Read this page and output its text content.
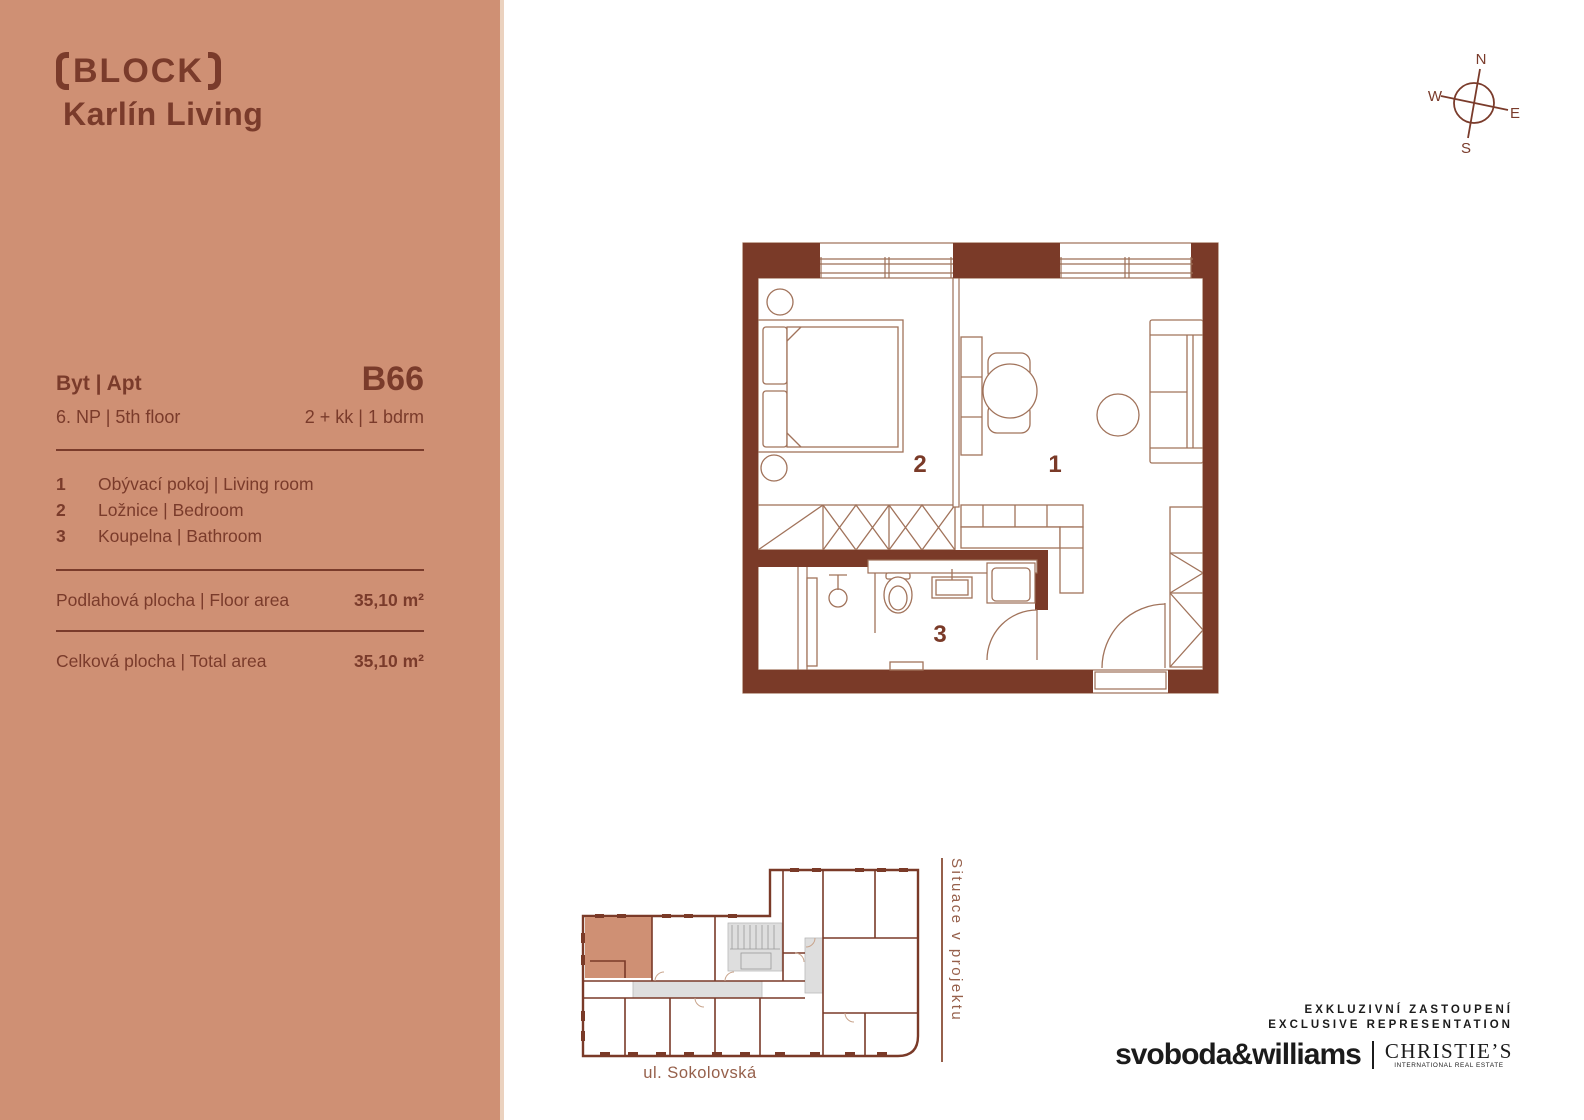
BLOCK
Karlín Living
Byt | Apt	B66
6. NP | 5th floor	2 + kk | 1 bdrm
1	Obývací pokoj | Living room
2	Ložnice | Bedroom
3	Koupelna | Bathroom
Podlahová plocha | Floor area	35,10 m²
Celková plocha | Total area	35,10 m²
N
W
E
S
2	1
3
ul. Sokolovská
Situace v projektu	EXKLUZIVNÍ ZASTOUPENÍ
EXCLUSIVE REPRESENTATION
svoboda&williams CHRISTIE’S
INTERNATIONAL REAL ESTATE
